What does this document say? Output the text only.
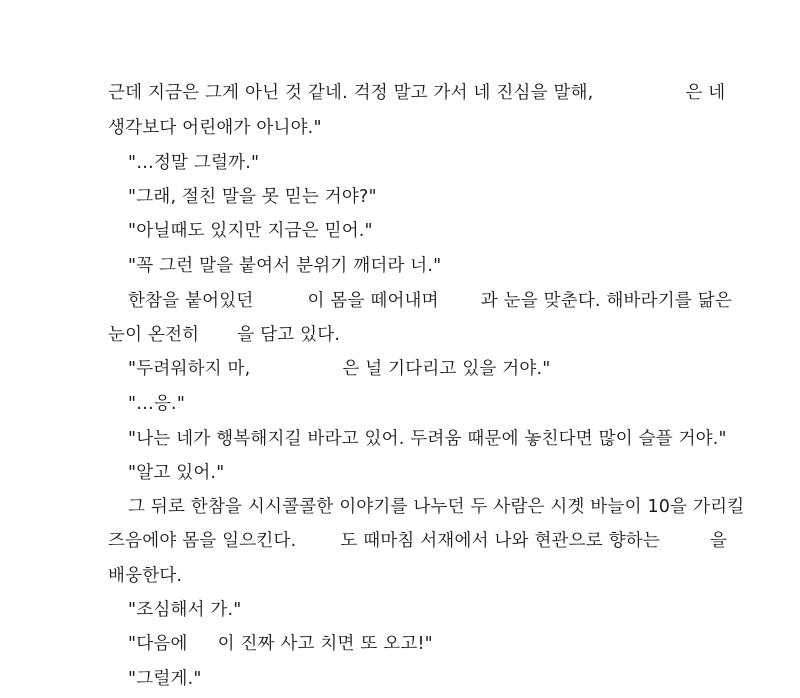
근데 지금은 그게 아닌 것 같네. 걱정 말고 가서 네 진심을 말해,	은 네
생각보다 어린애가 아니야."
"…정말 그럴까."
"그래, 절친 말을 못 믿는 거야?"
"아닐때도 있지만 지금은 믿어."
"꼭 그런 말을 붙여서 분위기 깨더라 너."
한참을 붙어있던	이 몸을 떼어내며 과 눈을 맞춘다. 해바라기를 닮은
눈이 온전히 을 담고 있다.
"두려워하지 마,	은 널 기다리고 있을 거야."
"…응."
"나는 네가 행복해지길 바라고 있어. 두려움 때문에 놓친다면 많이 슬플 거야."
"알고 있어."
그 뒤로 한참을 시시콜콜한 이야기를 나누던 두 사람은 시곗 바늘이 10을 가리킬
즈음에야 몸을 일으킨다.	도 때마침 서재에서 나와 현관으로 향하는	을
배웅한다.
"조심해서 가."
"다음에 이 진짜 사고 치면 또 오고!"
"그럴게."
